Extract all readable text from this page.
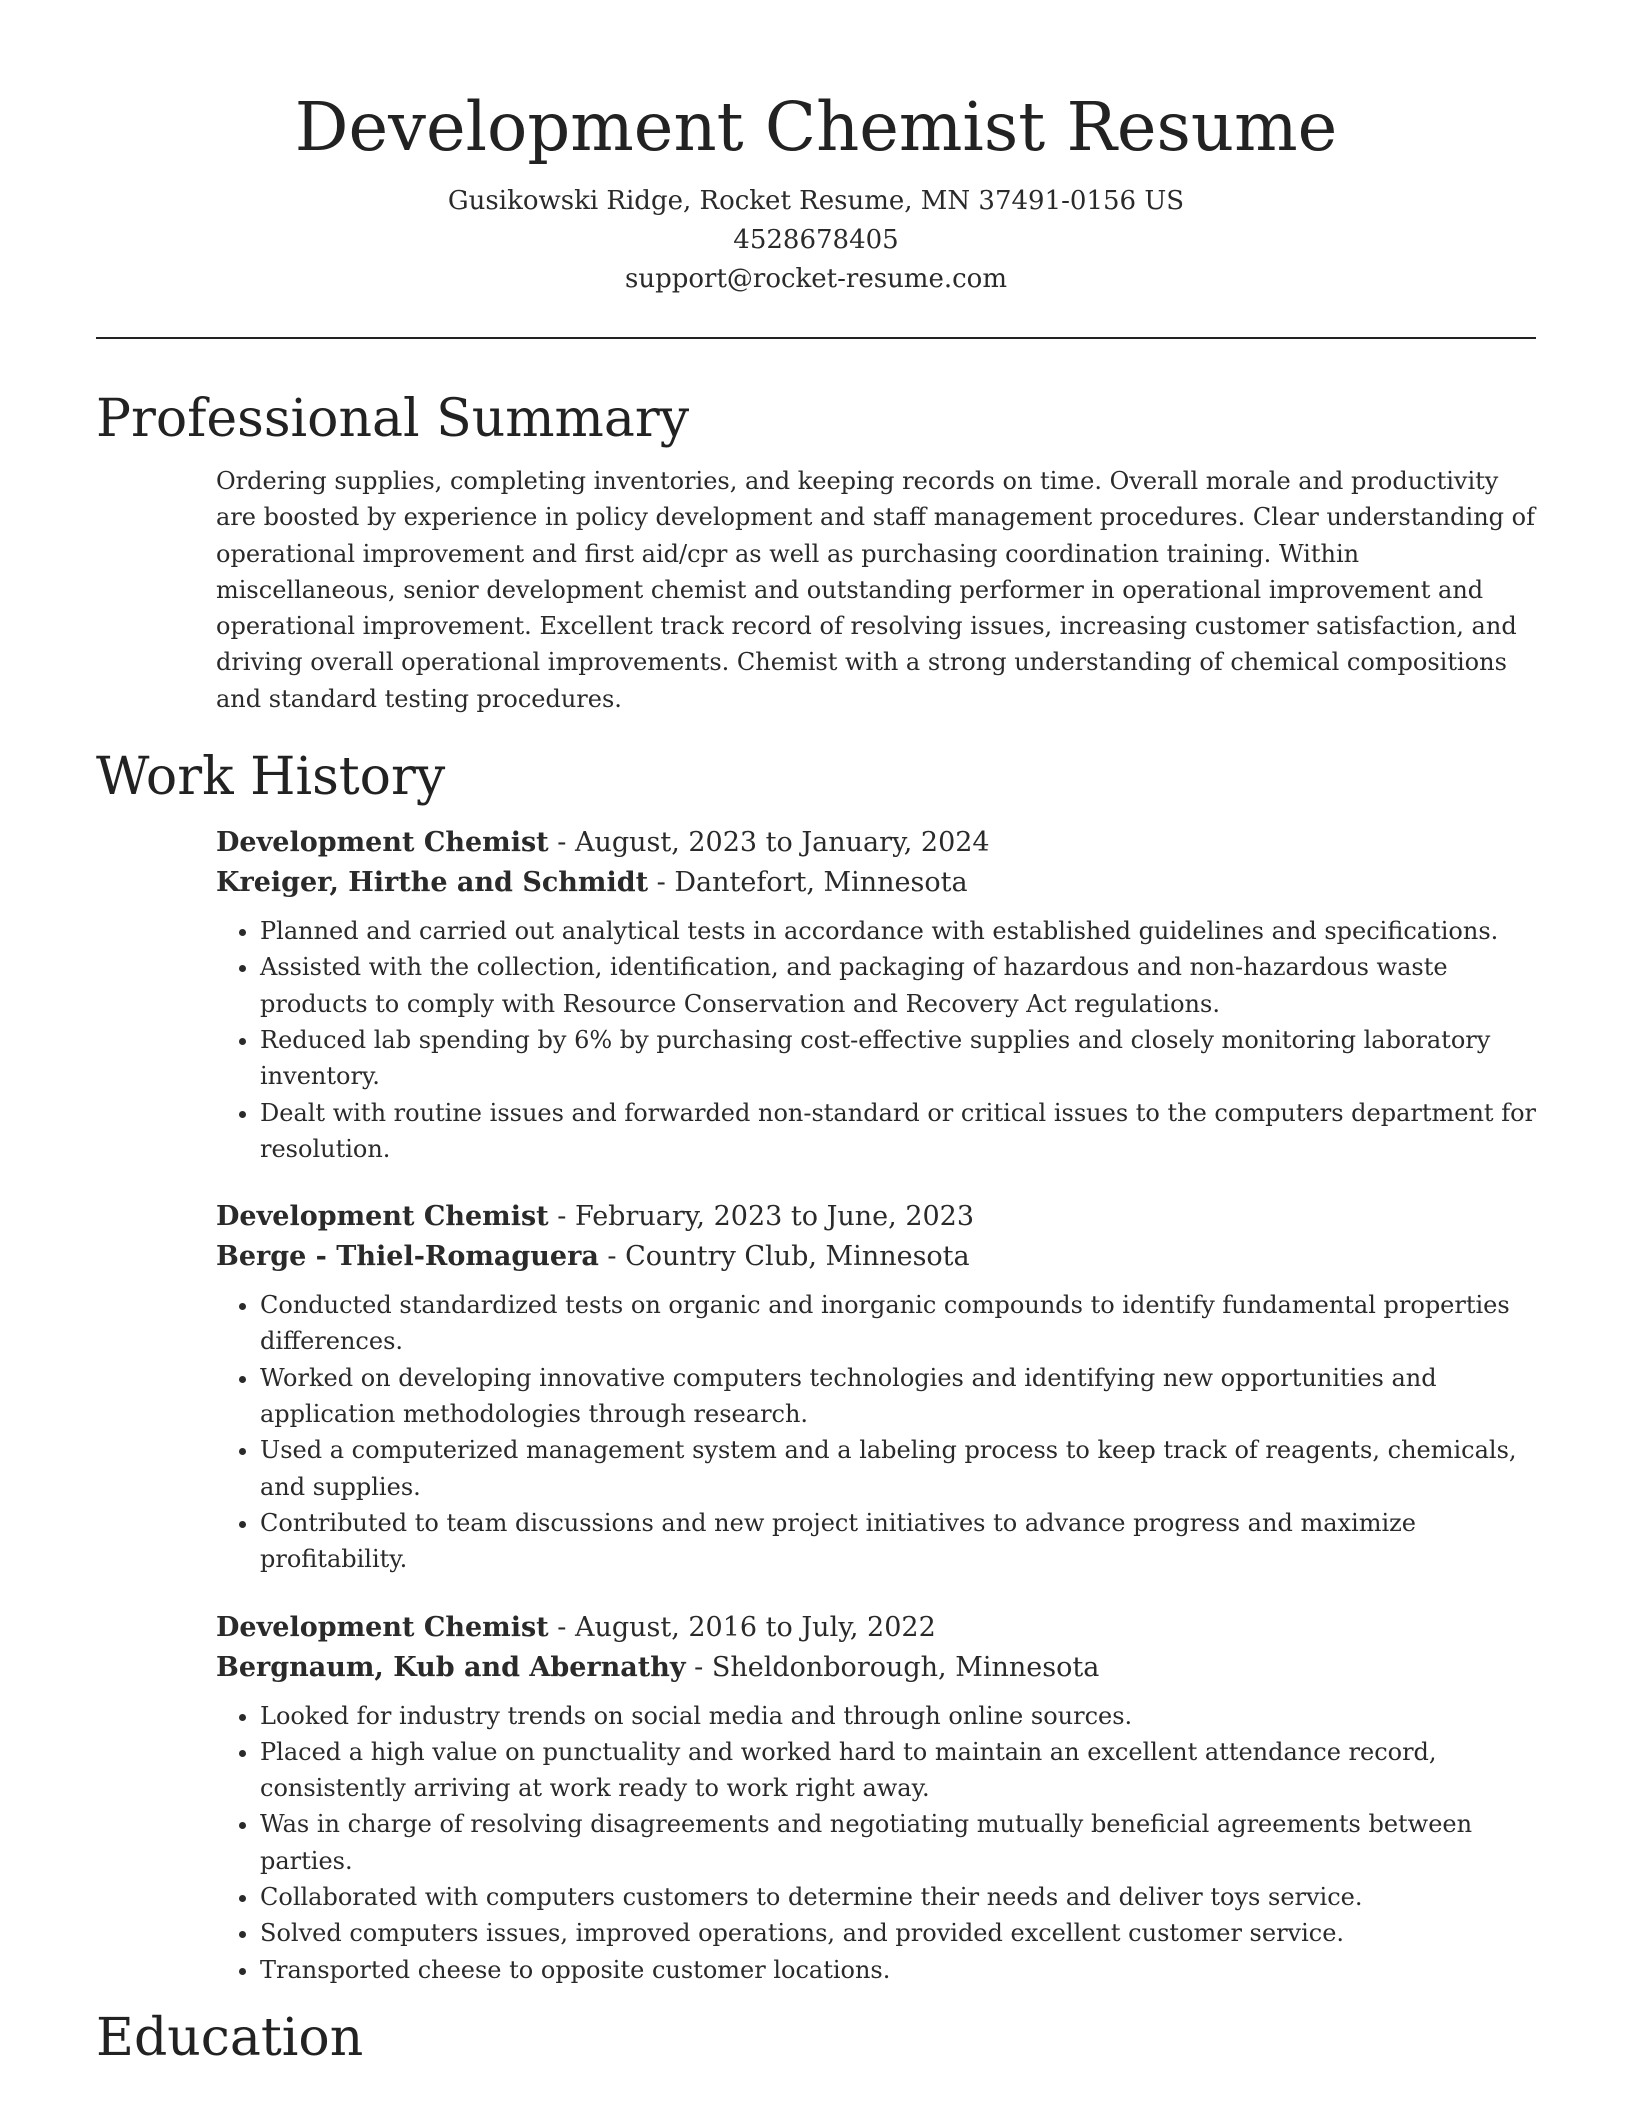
Development Chemist Resume
Gusikowski Ridge, Rocket Resume, MN 37491-0156 US
4528678405
support@rocket-resume.com
Professional Summary

Ordering supplies, completing inventories, and keeping records on time. Overall morale and productivity are boosted by experience in policy development and staff management procedures. Clear understanding of operational improvement and first aid/cpr as well as purchasing coordination training. Within miscellaneous, senior development chemist and outstanding performer in operational improvement and operational improvement. Excellent track record of resolving issues, increasing customer satisfaction, and driving overall operational improvements. Chemist with a strong understanding of chemical compositions and standard testing procedures.

Work History
Development Chemist - August, 2023 to January, 2024
Kreiger, Hirthe and Schmidt - Dantefort, Minnesota
• Planned and carried out analytical tests in accordance with established guidelines and specifications.
• Assisted with the collection, identification, and packaging of hazardous and non-hazardous waste products to comply with Resource Conservation and Recovery Act regulations.
• Reduced lab spending by 6% by purchasing cost-effective supplies and closely monitoring laboratory inventory.
• Dealt with routine issues and forwarded non-standard or critical issues to the computers department for resolution.
Development Chemist - February, 2023 to June, 2023
Berge - Thiel-Romaguera - Country Club, Minnesota
• Conducted standardized tests on organic and inorganic compounds to identify fundamental properties differences.
• Worked on developing innovative computers technologies and identifying new opportunities and application methodologies through research.
• Used a computerized management system and a labeling process to keep track of reagents, chemicals, and supplies.
• Contributed to team discussions and new project initiatives to advance progress and maximize profitability.
Development Chemist - August, 2016 to July, 2022
Bergnaum, Kub and Abernathy - Sheldonborough, Minnesota
• Looked for industry trends on social media and through online sources.
• Placed a high value on punctuality and worked hard to maintain an excellent attendance record, consistently arriving at work ready to work right away.
• Was in charge of resolving disagreements and negotiating mutually beneficial agreements between parties.
• Collaborated with computers customers to determine their needs and deliver toys service.
• Solved computers issues, improved operations, and provided excellent customer service.
• Transported cheese to opposite customer locations.
Education
